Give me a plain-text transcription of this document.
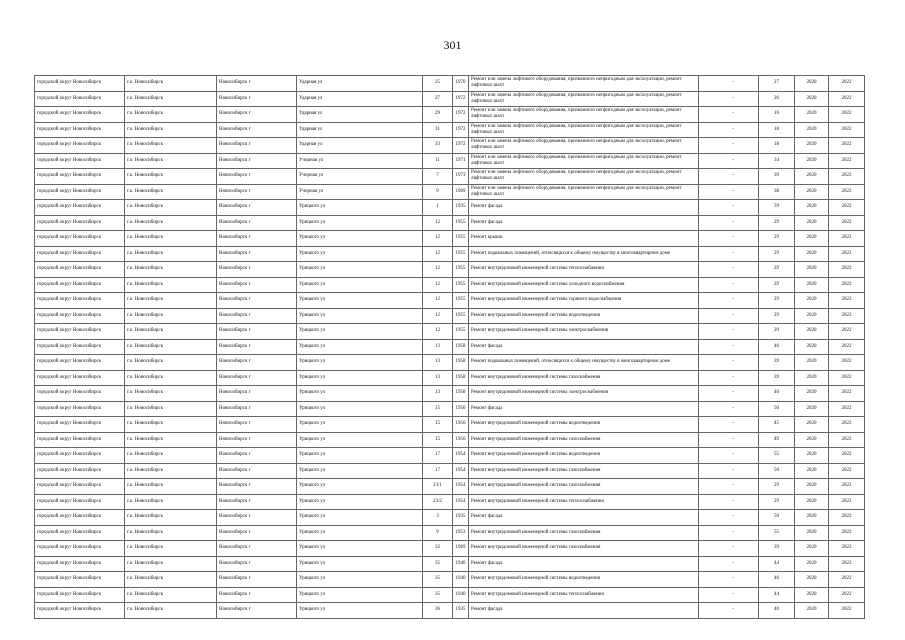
301
городской округ Новосибирск	г.о. Новосибирск	Новосибирск г	Ударная ул	25	1970	Ремонт или замена лифтового оборудования, признанного непригодным для эксплуатации, ремонт лифтовых шахт	-	27	2020	2022
городской округ Новосибирск	г.о. Новосибирск	Новосибирск г	Ударная ул	27	1972	Ремонт или замена лифтового оборудования, признанного непригодным для эксплуатации, ремонт лифтовых шахт	-	26	2020	2022
городской округ Новосибирск	г.о. Новосибирск	Новосибирск г	Ударная ул	29	1972	Ремонт или замена лифтового оборудования, признанного непригодным для эксплуатации, ремонт лифтовых шахт	-	16	2020	2022
городской округ Новосибирск	г.о. Новосибирск	Новосибирск г	Ударная ул	31	1972	Ремонт или замена лифтового оборудования, признанного непригодным для эксплуатации, ремонт лифтовых шахт	-	18	2020	2022
городской округ Новосибирск	г.о. Новосибирск	Новосибирск г	Ударная ул	33	1972	Ремонт или замена лифтового оборудования, признанного непригодным для эксплуатации, ремонт лифтовых шахт	-	18	2020	2022
городской округ Новосибирск	г.о. Новосибирск	Новосибирск г	Учорная ул	11	1971	Ремонт или замена лифтового оборудования, признанного непригодным для эксплуатации, ремонт лифтовых шахт	-	34	2020	2022
городской округ Новосибирск	г.о. Новосибирск	Новосибирск г	Учорная ул	7	1973	Ремонт или замена лифтового оборудования, признанного непригодным для эксплуатации, ремонт лифтовых шахт	-	39	2020	2022
городской округ Новосибирск	г.о. Новосибирск	Новосибирск г	Учорная ул	9	1969	Ремонт или замена лифтового оборудования, признанного непригодным для эксплуатации, ремонт лифтовых шахт	-	38	2020	2022
городской округ Новосибирск	г.о. Новосибирск	Новосибирск г	Урицкого ул	1	1935	Ремонт фасада	-	39	2020	2022
городской округ Новосибирск	г.о. Новосибирск	Новосибирск г	Урицкого ул	12	1955	Ремонт фасада	-	29	2020	2022
городской округ Новосибирск	г.о. Новосибирск	Новосибирск г	Урицкого ул	12	1955	Ремонт крыши	-	29	2020	2022
городской округ Новосибирск	г.о. Новосибирск	Новосибирск г	Урицкого ул	12	1955	Ремонт подвальных помещений, относящихся к общему имуществу в многоквартирном доме	-	29	2020	2022
городской округ Новосибирск	г.о. Новосибирск	Новосибирск г	Урицкого ул	12	1955	Ремонт внутридомовой инженерной системы теплоснабжения	-	29	2020	2022
городской округ Новосибирск	г.о. Новосибирск	Новосибирск г	Урицкого ул	12	1955	Ремонт внутридомовой инженерной системы холодного водоснабжения	-	29	2020	2022
городской округ Новосибирск	г.о. Новосибирск	Новосибирск г	Урицкого ул	12	1955	Ремонт внутридомовой инженерной системы горячего водоснабжения	-	29	2020	2022
городской округ Новосибирск	г.о. Новосибирск	Новосибирск г	Урицкого ул	12	1955	Ремонт внутридомовой инженерной системы водоотведения	-	29	2020	2022
городской округ Новосибирск	г.о. Новосибирск	Новосибирск г	Урицкого ул	12	1955	Ремонт внутридомовой инженерной системы электроснабжения	-	29	2020	2022
городской округ Новосибирск	г.о. Новосибирск	Новосибирск г	Урицкого ул	13	1958	Ремонт фасада	-	46	2020	2022
городской округ Новосибирск	г.о. Новосибирск	Новосибирск г	Урицкого ул	13	1958	Ремонт подвальных помещений, относящихся к общему имуществу в многоквартирном доме	-	39	2020	2022
городской округ Новосибирск	г.о. Новосибирск	Новосибирск г	Урицкого ул	13	1958	Ремонт внутридомовой инженерной системы газоснабжения	-	39	2020	2022
городской округ Новосибирск	г.о. Новосибирск	Новосибирск г	Урицкого ул	13	1958	Ремонт внутридомовой инженерной системы электроснабжения	-	40	2020	2022
городской округ Новосибирск	г.о. Новосибирск	Новосибирск г	Урицкого ул	15	1956	Ремонт фасада	-	50	2020	2022
городской округ Новосибирск	г.о. Новосибирск	Новосибирск г	Урицкого ул	15	1956	Ремонт внутридомовой инженерной системы водоотведения	-	45	2020	2022
городской округ Новосибирск	г.о. Новосибирск	Новосибирск г	Урицкого ул	15	1956	Ремонт внутридомовой инженерной системы газоснабжения	-	49	2020	2022
городской округ Новосибирск	г.о. Новосибирск	Новосибирск г	Урицкого ул	17	1954	Ремонт внутридомовой инженерной системы водоотведения	-	55	2020	2022
городской округ Новосибирск	г.о. Новосибирск	Новосибирск г	Урицкого ул	17	1954	Ремонт внутридомовой инженерной системы газоснабжения	-	50	2020	2022
городской округ Новосибирск	г.о. Новосибирск	Новосибирск г	Урицкого ул	23/1	1954	Ремонт внутридомовой инженерной системы газоснабжения	-	29	2020	2022
городской округ Новосибирск	г.о. Новосибирск	Новосибирск г	Урицкого ул	23/2	1954	Ремонт внутридомовой инженерной системы теплоснабжения	-	29	2020	2022
городской округ Новосибирск	г.о. Новосибирск	Новосибирск г	Урицкого ул	3	1935	Ремонт фасада	-	50	2020	2022
городской округ Новосибирск	г.о. Новосибирск	Новосибирск г	Урицкого ул	9	1953	Ремонт внутридомовой инженерной системы газоснабжения	-	55	2020	2022
городской округ Новосибирск	г.о. Новосибирск	Новосибирск г	Урицкого ул	32	1969	Ремонт внутридомовой инженерной системы газоснабжения	-	39	2020	2022
городской округ Новосибирск	г.о. Новосибирск	Новосибирск г	Урицкого ул	35	1940	Ремонт фасада	-	44	2020	2022
городской округ Новосибирск	г.о. Новосибирск	Новосибирск г	Урицкого ул	35	1940	Ремонт внутридомовой инженерной системы водоотведения	-	46	2020	2022
городской округ Новосибирск	г.о. Новосибирск	Новосибирск г	Урицкого ул	35	1940	Ремонт внутридомовой инженерной системы теплоснабжения	-	44	2020	2022
городской округ Новосибирск	г.о. Новосибирск	Новосибирск г	Урицкого ул	36	1935	Ремонт фасада	-	40	2020	2022
